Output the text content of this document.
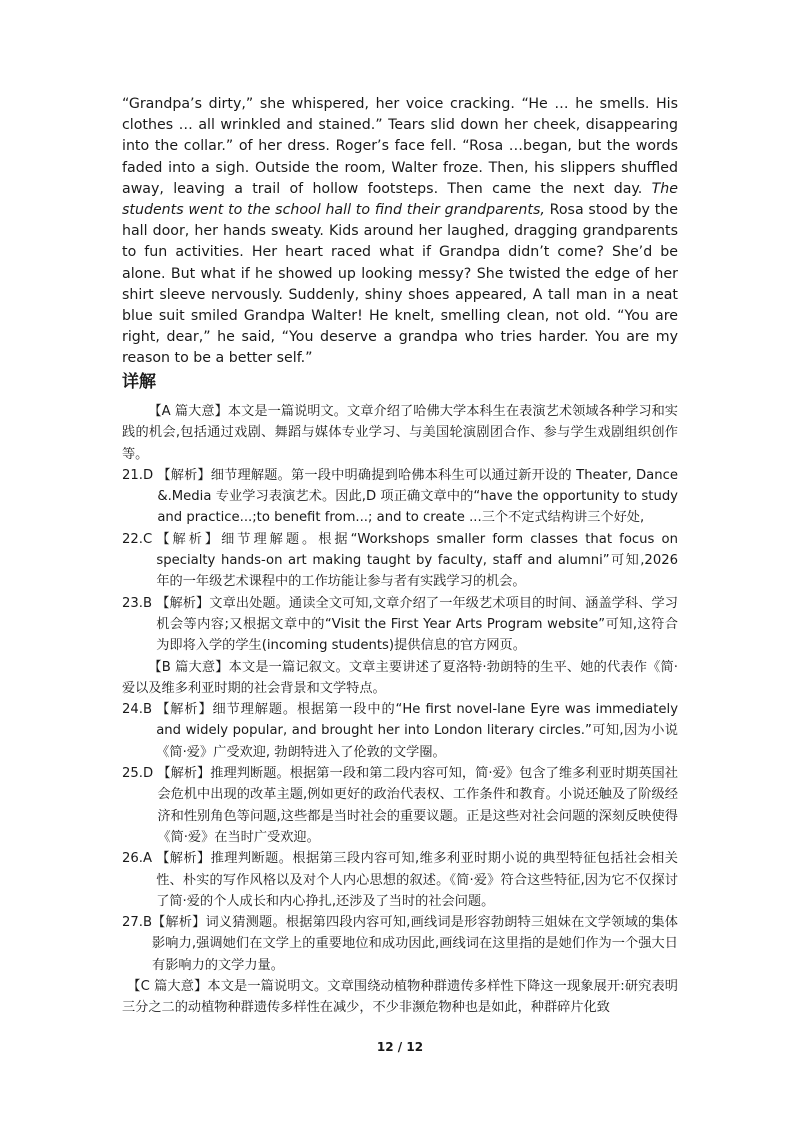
“Grandpa’s dirty,” she whispered, her voice cracking. “He … he smells. His clothes … all wrinkled and stained.” Tears slid down her cheek, disappearing into the collar.” of her dress. Roger’s face fell. “Rosa …began, but the words faded into a sigh. Outside the room, Walter froze. Then, his slippers shuffled away, leaving a trail of hollow footsteps. Then came the next day. The students went to the school hall to find their grandparents, Rosa stood by the hall door, her hands sweaty. Kids around her laughed, dragging grandparents to fun activities. Her heart raced what if Grandpa didn’t come? She’d be alone. But what if he showed up looking messy? She twisted the edge of her shirt sleeve nervously. Suddenly, shiny shoes appeared, A tall man in a neat blue suit smiled Grandpa Walter! He knelt, smelling clean, not old. “You are right, dear,” he said, “You deserve a grandpa who tries harder. You are my reason to be a better self.”

详解

【A 篇大意】本文是一篇说明文。文章介绍了哈佛大学本科生在表演艺术领域各种学习和实践的机会,包括通过戏剧、舞蹈与媒体专业学习、与美国轮演剧团合作、参与学生戏剧组织创作等。

21.D 【解析】细节理解题。第一段中明确提到哈佛本科生可以通过新开设的 Theater, Dance &.Media 专业学习表演艺术。因此,D 项正确文章中的“have the opportunity to study and practice...;to benefit from...; and to create ...三个不定式结构讲三个好处,
22.C 【解析】细节理解题。根据“Workshops smaller form classes that focus on specialty hands-on art making taught by faculty, staff and alumni”可知,2026 年的一年级艺术课程中的工作坊能让参与者有实践学习的机会。
23.B 【解析】文章出处题。通读全文可知,文章介绍了一年级艺术项目的时间、涵盖学科、学习机会等内容;又根据文章中的“Visit the First Year Arts Program website”可知,这符合为即将入学的学生(incoming students)提供信息的官方网页。

【B 篇大意】本文是一篇记叙文。文章主要讲述了夏洛特·勃朗特的生平、她的代表作《简·爱以及维多利亚时期的社会背景和文学特点。

24.B 【解析】细节理解题。根据第一段中的“He first novel-lane Eyre was immediately and widely popular, and brought her into London literary circles.”可知,因为小说《简·爱》广受欢迎, 勃朗特进入了伦敦的文学圈。
25.D 【解析】推理判断题。根据第一段和第二段内容可知，简·爱》包含了维多利亚时期英国社会危机中出现的改革主题,例如更好的政治代表权、工作条件和教育。小说还触及了阶级经济和性别角色等问题,这些都是当时社会的重要议题。正是这些对社会问题的深刻反映使得《简·爱》在当时广受欢迎。
26.A 【解析】推理判断题。根据第三段内容可知,维多利亚时期小说的典型特征包括社会相关性、朴实的写作风格以及对个人内心思想的叙述。《简·爱》符合这些特征,因为它不仅探讨了简·爱的个人成长和内心挣扎,还涉及了当时的社会问题。
27.B 【解析】词义猜测题。根据第四段内容可知,画线词是形容勃朗特三姐妹在文学领域的集体影响力,强调她们在文学上的重要地位和成功因此,画线词在这里指的是她们作为一个强大日有影响力的文学力量。

【C 篇大意】本文是一篇说明文。文章围绕动植物种群遗传多样性下降这一现象展开:研究表明三分之二的动植物种群遗传多样性在减少，不少非濒危物种也是如此，种群碎片化致

12 / 12
